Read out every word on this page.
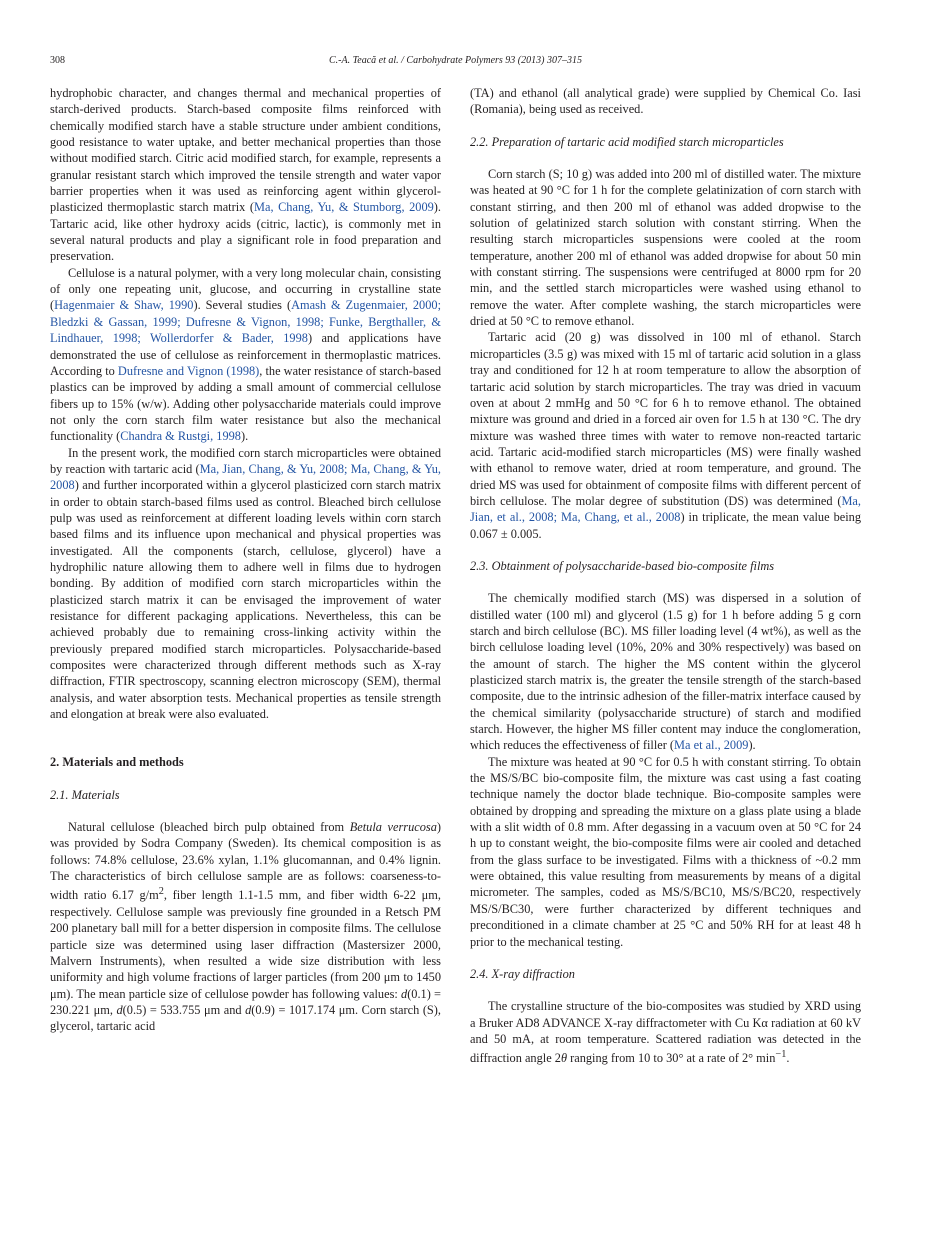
308	C.-A. Teacă et al. / Carbohydrate Polymers 93 (2013) 307–315

hydrophobic character, and changes thermal and mechanical properties of starch-derived products. Starch-based composite films reinforced with chemically modified starch have a stable structure under ambient conditions, good resistance to water uptake, and better mechanical properties than those without modified starch. Citric acid modified starch, for example, represents a granular resistant starch which improved the tensile strength and water vapor barrier properties when it was used as reinforcing agent within glycerol-plasticized thermoplastic starch matrix (Ma, Chang, Yu, & Stumborg, 2009). Tartaric acid, like other hydroxy acids (citric, lactic), is commonly met in several natural products and play a significant role in food preparation and preservation.

Cellulose is a natural polymer, with a very long molecular chain, consisting of only one repeating unit, glucose, and occurring in crystalline state (Hagenmaier & Shaw, 1990). Several studies (Amash & Zugenmaier, 2000; Bledzki & Gassan, 1999; Dufresne & Vignon, 1998; Funke, Bergthaller, & Lindhauer, 1998; Wollerdorfer & Bader, 1998) and applications have demonstrated the use of cellulose as reinforcement in thermoplastic matrices. According to Dufresne and Vignon (1998), the water resistance of starch-based plastics can be improved by adding a small amount of commercial cellulose fibers up to 15% (w/w). Adding other polysaccharide materials could improve not only the corn starch film water resistance but also the mechanical functionality (Chandra & Rustgi, 1998).

In the present work, the modified corn starch microparticles were obtained by reaction with tartaric acid (Ma, Jian, Chang, & Yu, 2008; Ma, Chang, & Yu, 2008) and further incorporated within a glycerol plasticized corn starch matrix in order to obtain starch-based films used as control. Bleached birch cellulose pulp was used as reinforcement at different loading levels within corn starch based films and its influence upon mechanical and physical properties was investigated. All the components (starch, cellulose, glycerol) have a hydrophilic nature allowing them to adhere well in films due to hydrogen bonding. By addition of modified corn starch microparticles within the plasticized starch matrix it can be envisaged the improvement of water resistance for different packaging applications. Nevertheless, this can be achieved probably due to remaining cross-linking activity within the previously prepared modified starch microparticles. Polysaccharide-based composites were characterized through different methods such as X-ray diffraction, FTIR spectroscopy, scanning electron microscopy (SEM), thermal analysis, and water absorption tests. Mechanical properties as tensile strength and elongation at break were also evaluated.

2. Materials and methods

2.1. Materials

Natural cellulose (bleached birch pulp obtained from Betula verrucosa) was provided by Sodra Company (Sweden). Its chemical composition is as follows: 74.8% cellulose, 23.6% xylan, 1.1% glucomannan, and 0.4% lignin. The characteristics of birch cellulose sample are as follows: coarseness-to-width ratio 6.17 $g/m^2$, fiber length 1.1-1.5 mm, and fiber width 6-22 μm, respectively. Cellulose sample was previously fine grounded in a Retsch PM 200 planetary ball mill for a better dispersion in composite films. The cellulose particle size was determined using laser diffraction (Mastersizer 2000, Malvern Instruments), when resulted a wide size distribution with less uniformity and high volume fractions of larger particles (from 200 μm to 1450 μm). The mean particle size of cellulose powder has following values: d(0.1) = 230.221 μm, d(0.5) = 533.755 μm and d(0.9) = 1017.174 μm. Corn starch (S), glycerol, tartaric acid

(TA) and ethanol (all analytical grade) were supplied by Chemical Co. Iasi (Romania), being used as received.

2.2. Preparation of tartaric acid modified starch microparticles

Corn starch (S; 10 g) was added into 200 ml of distilled water. The mixture was heated at 90 °C for 1 h for the complete gelatinization of corn starch with constant stirring, and then 200 ml of ethanol was added dropwise to the solution of gelatinized starch solution with constant stirring. When the resulting starch microparticles suspensions were cooled at the room temperature, another 200 ml of ethanol was added dropwise for about 50 min with constant stirring. The suspensions were centrifuged at 8000 rpm for 20 min, and the settled starch microparticles were washed using ethanol to remove the water. After complete washing, the starch microparticles were dried at 50 °C to remove ethanol.

Tartaric acid (20 g) was dissolved in 100 ml of ethanol. Starch microparticles (3.5 g) was mixed with 15 ml of tartaric acid solution in a glass tray and conditioned for 12 h at room temperature to allow the absorption of tartaric acid solution by starch microparticles. The tray was dried in vacuum oven at about 2 mmHg and 50 °C for 6 h to remove ethanol. The obtained mixture was ground and dried in a forced air oven for 1.5 h at 130 °C. The dry mixture was washed three times with water to remove non-reacted tartaric acid. Tartaric acid-modified starch microparticles (MS) were finally washed with ethanol to remove water, dried at room temperature, and ground. The dried MS was used for obtainment of composite films with different percent of birch cellulose. The molar degree of substitution (DS) was determined (Ma, Jian, et al., 2008; Ma, Chang, et al., 2008) in triplicate, the mean value being 0.067 ± 0.005.

2.3. Obtainment of polysaccharide-based bio-composite films

The chemically modified starch (MS) was dispersed in a solution of distilled water (100 ml) and glycerol (1.5 g) for 1 h before adding 5 g corn starch and birch cellulose (BC). MS filler loading level (4 wt%), as well as the birch cellulose loading level (10%, 20% and 30% respectively) was based on the amount of starch. The higher the MS content within the glycerol plasticized starch matrix is, the greater the tensile strength of the starch-based composite, due to the intrinsic adhesion of the filler-matrix interface caused by the chemical similarity (polysaccharide structure) of starch and modified starch. However, the higher MS filler content may induce the conglomeration, which reduces the effectiveness of filler (Ma et al., 2009).

The mixture was heated at 90 °C for 0.5 h with constant stirring. To obtain the MS/S/BC bio-composite film, the mixture was cast using a fast coating technique namely the doctor blade technique. Bio-composite samples were obtained by dropping and spreading the mixture on a glass plate using a blade with a slit width of 0.8 mm. After degassing in a vacuum oven at 50 °C for 24 h up to constant weight, the bio-composite films were air cooled and detached from the glass surface to be investigated. Films with a thickness of ~0.2 mm were obtained, this value resulting from measurements by means of a digital micrometer. The samples, coded as MS/S/BC10, MS/S/BC20, respectively MS/S/BC30, were further characterized by different techniques and preconditioned in a climate chamber at 25 °C and 50% RH for at least 48 h prior to the mechanical testing.

2.4. X-ray diffraction

The crystalline structure of the bio-composites was studied by XRD using a Bruker AD8 ADVANCE X-ray diffractometer with Cu Kα radiation at 60 kV and 50 mA, at room temperature. Scattered radiation was detected in the diffraction angle 2θ ranging from 10 to 30° at a rate of 2° $\min^{-1}$.
